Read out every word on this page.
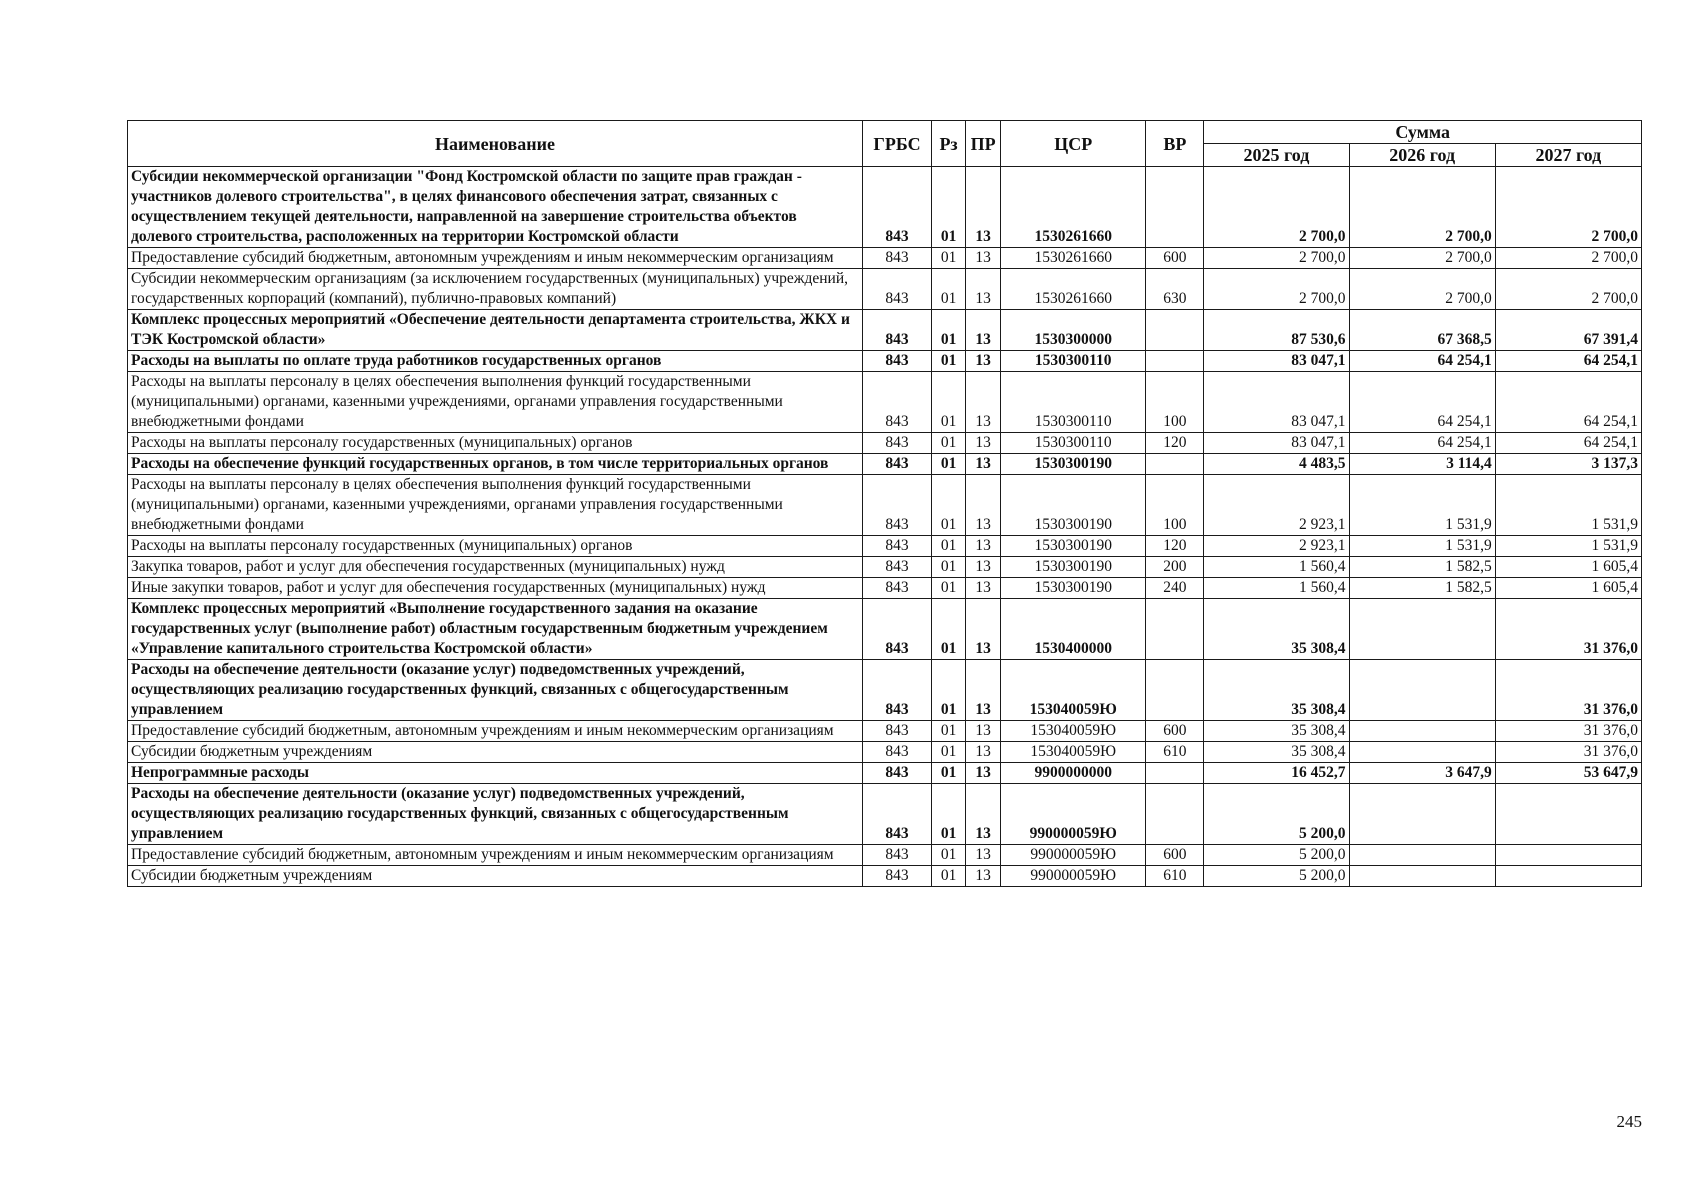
Наименование	ГРБС	Рз	ПР	ЦСР	ВР	Сумма		
						2025 год	2026 год	2027 год
Субсидии некоммерческой организации "Фонд Костромской области по защите прав граждан - участников долевого строительства", в целях финансового обеспечения затрат, связанных с осуществлением текущей деятельности, направленной на завершение строительства объектов долевого строительства, расположенных на территории Костромской области	843	01	13	1530261660		2 700,0	2 700,0	2 700,0
Предоставление субсидий бюджетным, автономным учреждениям и иным некоммерческим организациям	843	01	13	1530261660	600	2 700,0	2 700,0	2 700,0
Субсидии некоммерческим организациям (за исключением государственных (муниципальных) учреждений, государственных корпораций (компаний), публично-правовых компаний)	843	01	13	1530261660	630	2 700,0	2 700,0	2 700,0
Комплекс процессных мероприятий «Обеспечение деятельности департамента строительства, ЖКХ и ТЭК Костромской области»	843	01	13	1530300000		87 530,6	67 368,5	67 391,4
Расходы на выплаты по оплате труда работников государственных органов	843	01	13	1530300110		83 047,1	64 254,1	64 254,1
Расходы на выплаты персоналу в целях обеспечения выполнения функций государственными (муниципальными) органами, казенными учреждениями, органами управления государственными внебюджетными фондами	843	01	13	1530300110	100	83 047,1	64 254,1	64 254,1
Расходы на выплаты персоналу государственных (муниципальных) органов	843	01	13	1530300110	120	83 047,1	64 254,1	64 254,1
Расходы на обеспечение функций государственных органов, в том числе территориальных органов	843	01	13	1530300190		4 483,5	3 114,4	3 137,3
Расходы на выплаты персоналу в целях обеспечения выполнения функций государственными (муниципальными) органами, казенными учреждениями, органами управления государственными внебюджетными фондами	843	01	13	1530300190	100	2 923,1	1 531,9	1 531,9
Расходы на выплаты персоналу государственных (муниципальных) органов	843	01	13	1530300190	120	2 923,1	1 531,9	1 531,9
Закупка товаров, работ и услуг для обеспечения государственных (муниципальных) нужд	843	01	13	1530300190	200	1 560,4	1 582,5	1 605,4
Иные закупки товаров, работ и услуг для обеспечения государственных (муниципальных) нужд	843	01	13	1530300190	240	1 560,4	1 582,5	1 605,4
Комплекс процессных мероприятий «Выполнение государственного задания на оказание государственных услуг (выполнение работ) областным государственным бюджетным учреждением «Управление капитального строительства Костромской области»	843	01	13	1530400000		35 308,4		31 376,0
Расходы на обеспечение деятельности (оказание услуг) подведомственных учреждений, осуществляющих реализацию государственных функций, связанных с общегосударственным управлением	843	01	13	153040059Ю		35 308,4		31 376,0
Предоставление субсидий бюджетным, автономным учреждениям и иным некоммерческим организациям	843	01	13	153040059Ю	600	35 308,4		31 376,0
Субсидии бюджетным учреждениям	843	01	13	153040059Ю	610	35 308,4		31 376,0
Непрограммные расходы	843	01	13	9900000000		16 452,7	3 647,9	53 647,9
Расходы на обеспечение деятельности (оказание услуг) подведомственных учреждений, осуществляющих реализацию государственных функций, связанных с общегосударственным управлением	843	01	13	990000059Ю		5 200,0		
Предоставление субсидий бюджетным, автономным учреждениям и иным некоммерческим организациям	843	01	13	990000059Ю	600	5 200,0		
Субсидии бюджетным учреждениям	843	01	13	990000059Ю	610	5 200,0		
245
